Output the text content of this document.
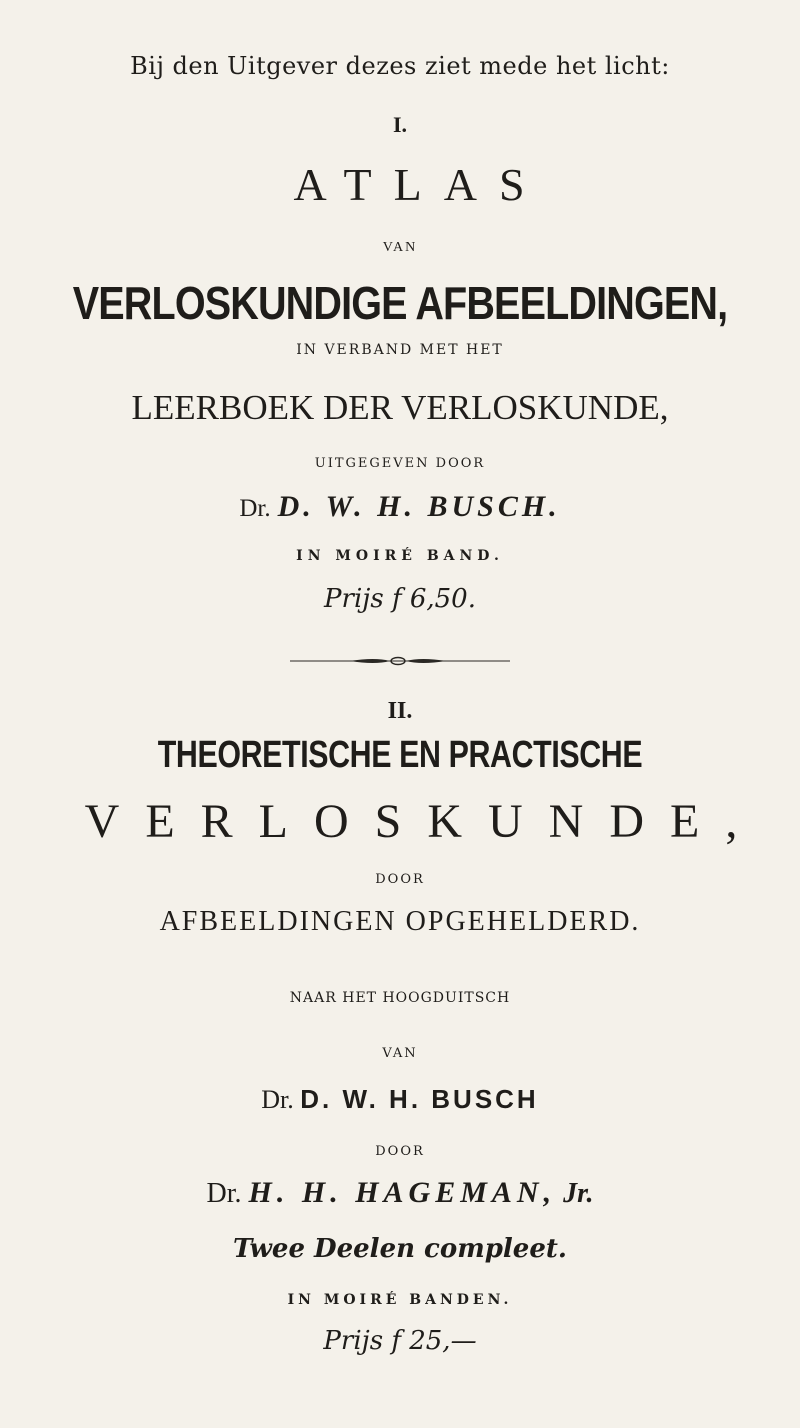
Bij den Uitgever dezes ziet mede het licht:
I.
ATLAS
VAN
VERLOSKUNDIGE AFBEELDINGEN,
IN VERBAND MET HET
LEERBOEK DER VERLOSKUNDE,
UITGEGEVEN DOOR
Dr. D. W. H. BUSCH.
IN MOIRÉ BAND.
Prijs f 6,50.
II.
THEORETISCHE EN PRACTISCHE
VERLOSKUNDE,
DOOR
AFBEELDINGEN OPGEHELDERD.
NAAR HET HOOGDUITSCH
VAN
Dr. D. W. H. BUSCH
DOOR
Dr. H. H. HAGEMAN, Jr.
Twee Deelen compleet.
IN MOIRÉ BANDEN.
Prijs f 25,—
